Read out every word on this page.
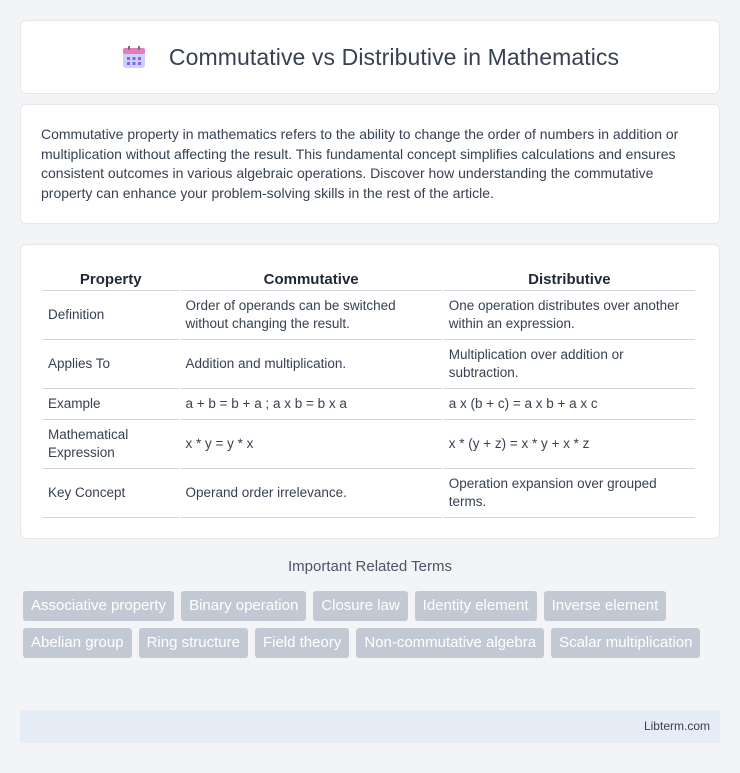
Commutative vs Distributive in Mathematics

Commutative property in mathematics refers to the ability to change the order of numbers in addition or multiplication without affecting the result. This fundamental concept simplifies calculations and ensures consistent outcomes in various algebraic operations. Discover how understanding the commutative property can enhance your problem-solving skills in the rest of the article.

Property	Commutative	Distributive
Definition	Order of operands can be switched without changing the result.	One operation distributes over another within an expression.
Applies To	Addition and multiplication.	Multiplication over addition or subtraction.
Example	a + b = b + a ; a x b = b x a	a x (b + c) = a x b + a x c
Mathematical Expression	x * y = y * x	x * (y + z) = x * y + x * z
Key Concept	Operand order irrelevance.	Operation expansion over grouped terms.
Important Related Terms
Associative property	Binary operation	Closure law	Identity element	Inverse element
Abelian group	Ring structure	Field theory	Non-commutative algebra	Scalar multiplication
Libterm.com
